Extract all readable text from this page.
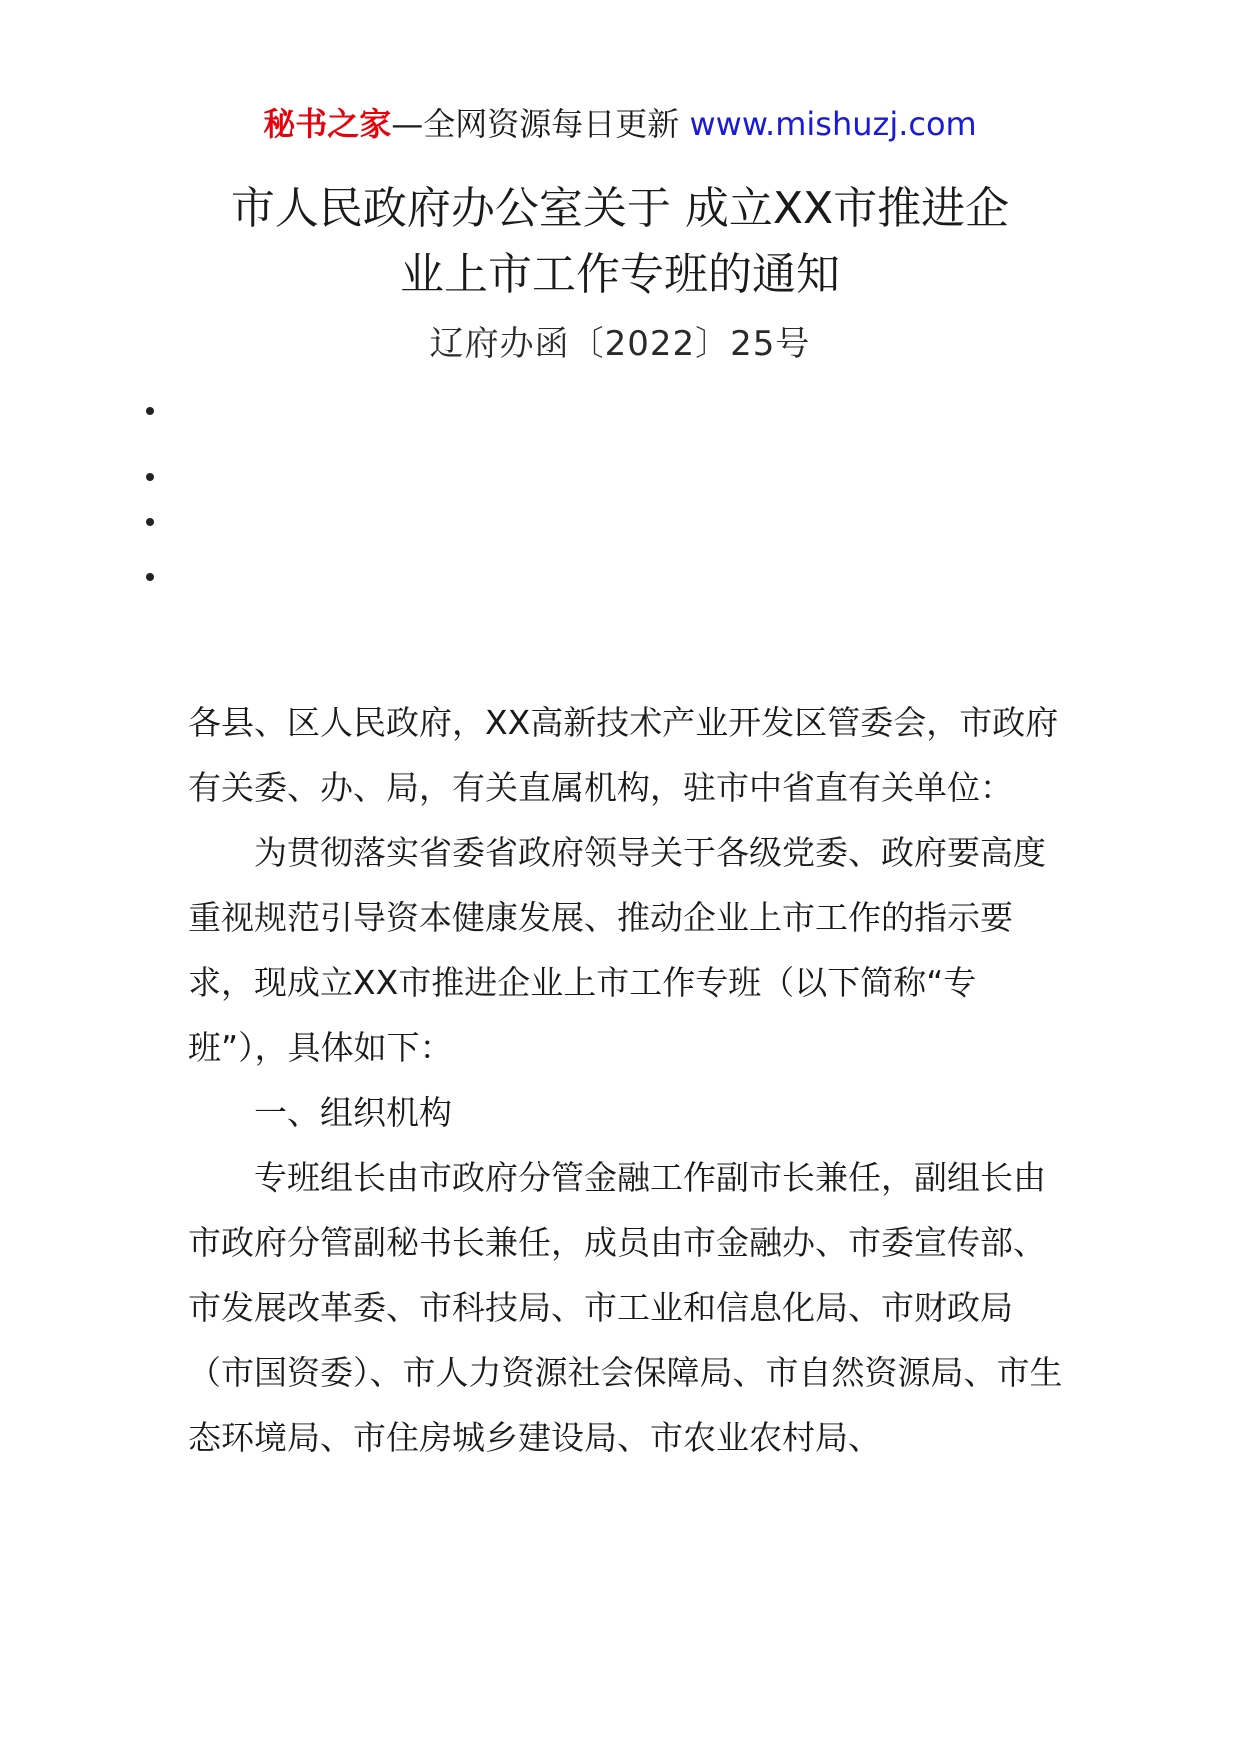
秘书之家—全网资源每日更新 www.mishuzj.com
市人民政府办公室关于 成立XX市推进企
业上市工作专班的通知
辽府办函〔2022〕25号

各县、区人民政府，XX高新技术产业开发区管委会，市政府有关委、办、局，有关直属机构，驻市中省直有关单位：

为贯彻落实省委省政府领导关于各级党委、政府要高度重视规范引导资本健康发展、推动企业上市工作的指示要求，现成立XX市推进企业上市工作专班（以下简称“专班”），具体如下：

一、组织机构

专班组长由市政府分管金融工作副市长兼任，副组长由市政府分管副秘书长兼任，成员由市金融办、市委宣传部、市发展改革委、市科技局、市工业和信息化局、市财政局（市国资委）、市人力资源社会保障局、市自然资源局、市生态环境局、市住房城乡建设局、市农业农村局、
